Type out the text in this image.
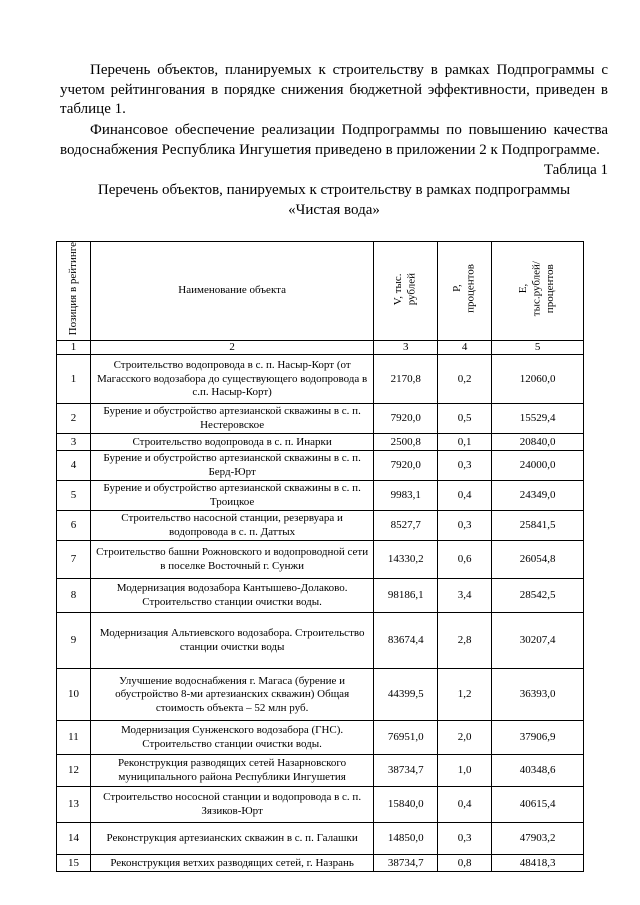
Перечень объектов, планируемых к строительству в рамках Подпрограммы с учетом рейтингования в порядке снижения бюджетной эффективности, приведен в таблице 1.

Финансовое обеспечение реализации Подпрограммы по повышению качества водоснабжения Республика Ингушетия приведено в приложении 2 к Подпрограмме.

Таблица 1
Перечень объектов, панируемых к строительству в рамках подпрограммы
«Чистая вода»
Позиция в рейтинге	Наименование объекта	V, тыс. рублей	P, процентов	E, тыс.рублей/ процентов
1	2	3	4	5
1	Строительство водопровода в с. п. Насыр-Корт (от Магасского водозабора до существующего водопровода в с.п. Насыр-Корт)	2170,8	0,2	12060,0
2	Бурение и обустройство артезианской скважины в с. п. Нестеровское	7920,0	0,5	15529,4
3	Строительство водопровода в с. п. Инарки	2500,8	0,1	20840,0
4	Бурение и обустройство артезианской скважины в с. п. Берд-Юрт	7920,0	0,3	24000,0
5	Бурение и обустройство артезианской скважины в с. п. Троицкое	9983,1	0,4	24349,0
6	Строительство насосной станции, резервуара и водопровода в с. п. Даттых	8527,7	0,3	25841,5
7	Строительство башни Рожновского и водопроводной сети в поселке Восточный г. Сунжи	14330,2	0,6	26054,8
8	Модернизация водозабора Кантышево-Долаково. Строительство станции очистки воды.	98186,1	3,4	28542,5
9	Модернизация Альтиевского водозабора. Строительство станции очистки воды	83674,4	2,8	30207,4
10	Улучшение водоснабжения г. Магаса (бурение и обустройство 8-ми артезианских скважин) Общая стоимость объекта – 52 млн руб.	44399,5	1,2	36393,0
11	Модернизация Сунженского водозабора (ГНС). Строительство станции очистки воды.	76951,0	2,0	37906,9
12	Реконструкция разводящих сетей Назарновского муниципального района Республики Ингушетия	38734,7	1,0	40348,6
13	Строительство нососной станции и водопровода в с. п. Зязиков-Юрт	15840,0	0,4	40615,4
14	Реконструкция артезианских скважин в с. п. Галашки	14850,0	0,3	47903,2
15	Реконструкция ветхих разводящих сетей, г. Назрань	38734,7	0,8	48418,3
